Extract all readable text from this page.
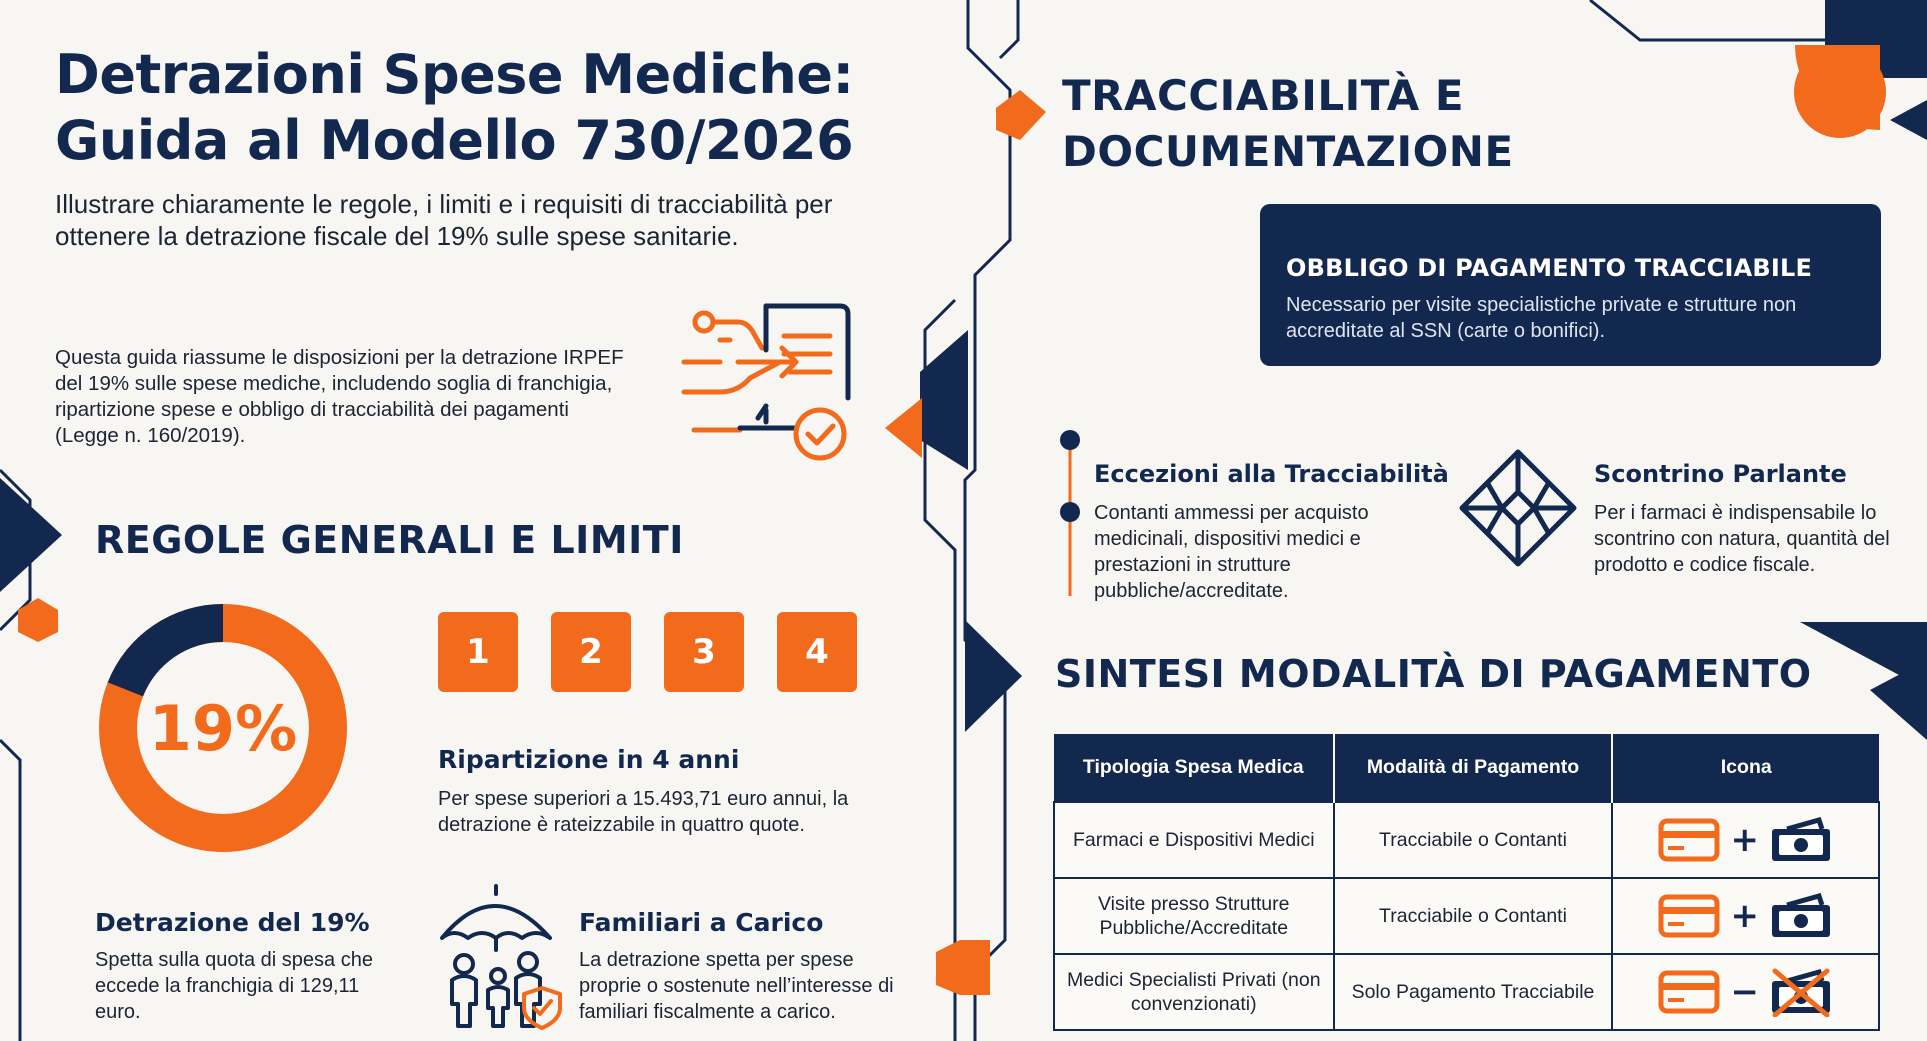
Detrazioni Spese Mediche:
Guida al Modello 730/2026
Illustrare chiaramente le regole, i limiti e i requisiti di tracciabilità per ottenere la detrazione fiscale del 19% sulle spese sanitarie.
Questa guida riassume le disposizioni per la detrazione IRPEF del 19% sulle spese mediche, includendo soglia di franchigia, ripartizione spese e obbligo di tracciabilità dei pagamenti (Legge n. 160/2019).
REGOLE GENERALI E LIMITI
19%
1	2	3	4
Ripartizione in 4 anni
Per spese superiori a 15.493,71 euro annui, la detrazione è rateizzabile in quattro quote.
Detrazione del 19%
Spetta sulla quota di spesa che eccede la franchigia di 129,11 euro.
Familiari a Carico
La detrazione spetta per spese proprie o sostenute nell’interesse di familiari fiscalmente a carico.
TRACCIABILITÀ E
DOCUMENTAZIONE
OBBLIGO DI PAGAMENTO TRACCIABILE
Necessario per visite specialistiche private e strutture non accreditate al SSN (carte o bonifici).
Eccezioni alla Tracciabilità
Contanti ammessi per acquisto medicinali, dispositivi medici e prestazioni in strutture pubbliche/accreditate.
Scontrino Parlante
Per i farmaci è indispensabile lo scontrino con natura, quantità del prodotto e codice fiscale.
SINTESI MODALITÀ DI PAGAMENTO
Tipologia Spesa Medica	Modalità di Pagamento	Icona
Farmaci e Dispositivi Medici	Tracciabile o Contanti	+

Visite presso Strutture Pubbliche/Accreditate	Tracciabile o Contanti	+

Medici Specialisti Privati (non convenzionati)	Solo Pagamento Tracciabile	−
